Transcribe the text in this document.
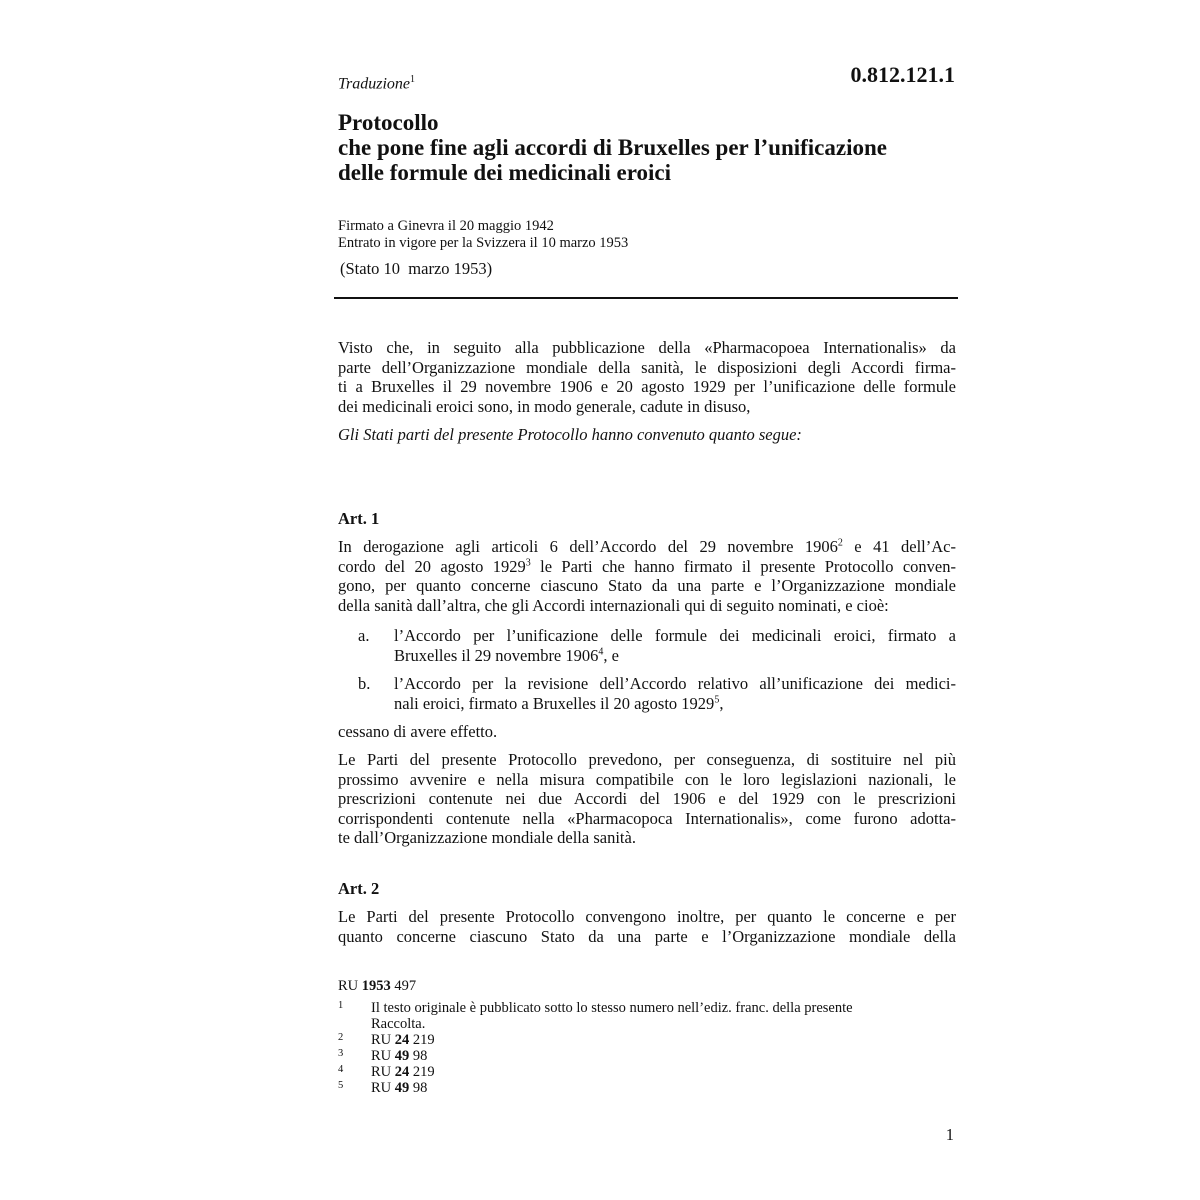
Traduzione$^1$	0.812.121.1
Protocollo
che pone fine agli accordi di Bruxelles per l’unificazione
delle formule dei medicinali eroici
Firmato a Ginevra il 20 maggio 1942
Entrato in vigore per la Svizzera il 10 marzo 1953
(Stato 10  marzo 1953)
Visto che, in seguito alla pubblicazione della «Pharmacopoea Internationalis» da
parte dell’Organizzazione mondiale della sanità, le disposizioni degli Accordi firma-
ti a Bruxelles il 29 novembre 1906 e 20 agosto 1929 per l’unificazione delle formule
dei medicinali eroici sono, in modo generale, cadute in disuso,
Gli Stati parti del presente Protocollo hanno convenuto quanto segue:
Art. 1
In derogazione agli articoli 6 dell’Accordo del 29 novembre 1906$^2$ e 41 dell’Ac-
cordo del 20 agosto 1929$^3$ le Parti che hanno firmato il presente Protocollo conven-
gono, per quanto concerne ciascuno Stato da una parte e l’Organizzazione mondiale
della sanità dall’altra, che gli Accordi internazionali qui di seguito nominati, e cioè:
a. l’Accordo per l’unificazione delle formule dei medicinali eroici, firmato a
Bruxelles il 29 novembre 1906$^4$, e
b. l’Accordo per la revisione dell’Accordo relativo all’unificazione dei medici-
nali eroici, firmato a Bruxelles il 20 agosto 1929$^5$,
cessano di avere effetto.
Le Parti del presente Protocollo prevedono, per conseguenza, di sostituire nel più
prossimo avvenire e nella misura compatibile con le loro legislazioni nazionali, le
prescrizioni contenute nei due Accordi del 1906 e del 1929 con le prescrizioni
corrispondenti contenute nella «Pharmacopoca Internationalis», come furono adotta-
te dall’Organizzazione mondiale della sanità.
Art. 2
Le Parti del presente Protocollo convengono inoltre, per quanto le concerne e per
quanto concerne ciascuno Stato da una parte e l’Organizzazione mondiale della
RU 1953 497
1 Il testo originale è pubblicato sotto lo stesso numero nell’ediz. franc. della presente
Raccolta.
2 RU 24 219
3 RU 49 98
4 RU 24 219
5 RU 49 98
1
